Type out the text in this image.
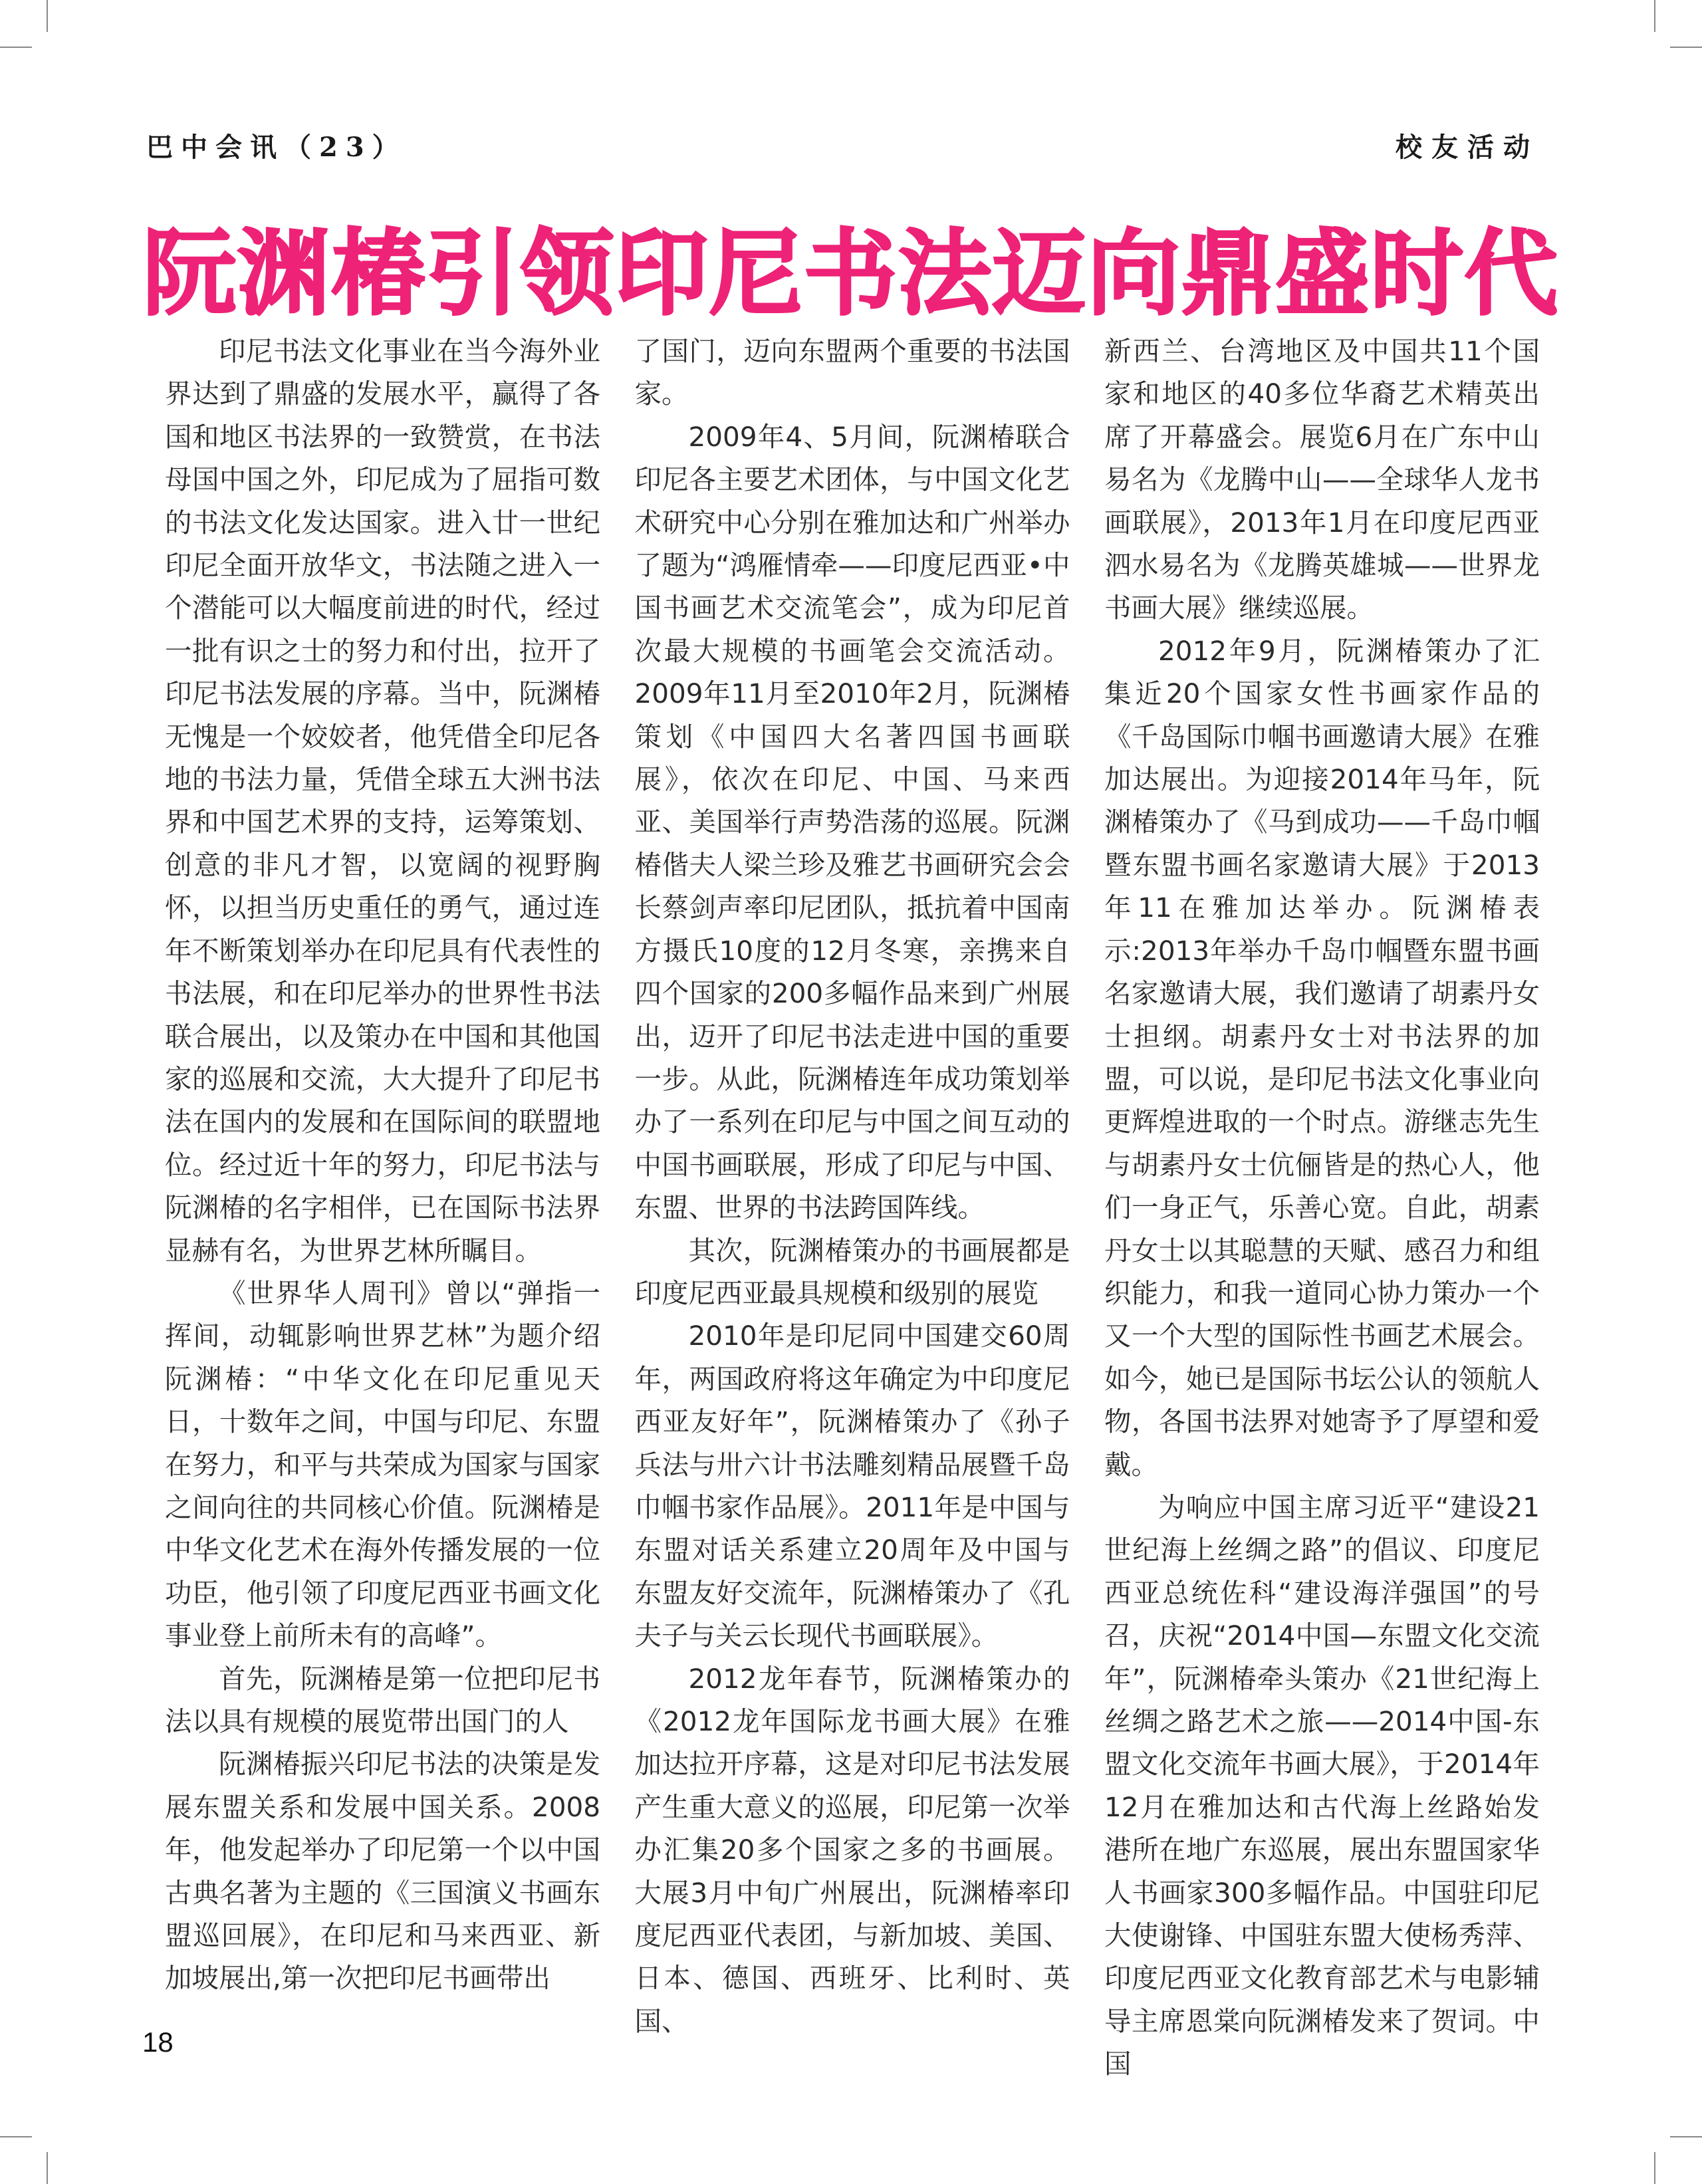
巴中会讯（23）	校友活动
阮渊椿引领印尼书法迈向鼎盛时代

印尼书法文化事业在当今海外业界达到了鼎盛的发展水平，赢得了各国和地区书法界的一致赞赏，在书法母国中国之外，印尼成为了屈指可数的书法文化发达国家。进入廿一世纪印尼全面开放华文，书法随之进入一个潜能可以大幅度前进的时代，经过一批有识之士的努力和付出，拉开了印尼书法发展的序幕。当中，阮渊椿无愧是一个姣姣者，他凭借全印尼各地的书法力量，凭借全球五大洲书法界和中国艺术界的支持，运筹策划、创意的非凡才智，以宽阔的视野胸怀，以担当历史重任的勇气，通过连年不断策划举办在印尼具有代表性的书法展，和在印尼举办的世界性书法联合展出，以及策办在中国和其他国家的巡展和交流，大大提升了印尼书法在国内的发展和在国际间的联盟地位。经过近十年的努力，印尼书法与阮渊椿的名字相伴，已在国际书法界显赫有名，为世界艺林所瞩目。

《世界华人周刊》曾以“弹指一挥间，动辄影响世界艺林”为题介绍阮渊椿：“中华文化在印尼重见天日，十数年之间，中国与印尼、东盟在努力，和平与共荣成为国家与国家之间向往的共同核心价值。阮渊椿是中华文化艺术在海外传播发展的一位功臣，他引领了印度尼西亚书画文化事业登上前所未有的高峰”。

首先，阮渊椿是第一位把印尼书法以具有规模的展览带出国门的人

阮渊椿振兴印尼书法的决策是发展东盟关系和发展中国关系。2008年，他发起举办了印尼第一个以中国古典名著为主题的《三国演义书画东盟巡回展》，在印尼和马来西亚、新加坡展出,第一次把印尼书画带出

了国门，迈向东盟两个重要的书法国家。

2009年4、5月间，阮渊椿联合印尼各主要艺术团体，与中国文化艺术研究中心分别在雅加达和广州举办了题为“鸿雁情牵——印度尼西亚•中国书画艺术交流笔会”，成为印尼首次最大规模的书画笔会交流活动。2009年11月至2010年2月，阮渊椿策划《中国四大名著四国书画联展》，依次在印尼、中国、马来西亚、美国举行声势浩荡的巡展。阮渊椿偕夫人梁兰珍及雅艺书画研究会会长蔡剑声率印尼团队，抵抗着中国南方摄氏10度的12月冬寒，亲携来自四个国家的200多幅作品来到广州展出，迈开了印尼书法走进中国的重要一步。从此，阮渊椿连年成功策划举办了一系列在印尼与中国之间互动的中国书画联展，形成了印尼与中国、东盟、世界的书法跨国阵线。

其次，阮渊椿策办的书画展都是印度尼西亚最具规模和级别的展览

2010年是印尼同中国建交60周年，两国政府将这年确定为中印度尼西亚友好年”，阮渊椿策办了《孙子兵法与卅六计书法雕刻精品展暨千岛巾帼书家作品展》。2011年是中国与东盟对话关系建立20周年及中国与东盟友好交流年，阮渊椿策办了《孔夫子与关云长现代书画联展》。

2012龙年春节，阮渊椿策办的《2012龙年国际龙书画大展》在雅加达拉开序幕，这是对印尼书法发展产生重大意义的巡展，印尼第一次举办汇集20多个国家之多的书画展。大展3月中旬广州展出，阮渊椿率印度尼西亚代表团，与新加坡、美国、日本、德国、西班牙、比利时、英国、

新西兰、台湾地区及中国共11个国家和地区的40多位华裔艺术精英出席了开幕盛会。展览6月在广东中山易名为《龙腾中山——全球华人龙书画联展》，2013年1月在印度尼西亚泗水易名为《龙腾英雄城——世界龙书画大展》继续巡展。

2012年9月，阮渊椿策办了汇集近20个国家女性书画家作品的《千岛国际巾帼书画邀请大展》在雅加达展出。为迎接2014年马年，阮渊椿策办了《马到成功——千岛巾帼暨东盟书画名家邀请大展》于2013年11在雅加达举办。阮渊椿表示:2013年举办千岛巾帼暨东盟书画名家邀请大展，我们邀请了胡素丹女士担纲。胡素丹女士对书法界的加盟，可以说，是印尼书法文化事业向更辉煌进取的一个时点。游继志先生与胡素丹女士伉俪皆是的热心人，他们一身正气，乐善心宽。自此，胡素丹女士以其聪慧的天赋、感召力和组织能力，和我一道同心协力策办一个又一个大型的国际性书画艺术展会。如今，她已是国际书坛公认的领航人物，各国书法界对她寄予了厚望和爱戴。

为响应中国主席习近平“建设21世纪海上丝绸之路”的倡议、印度尼西亚总统佐科“建设海洋强国”的号召，庆祝“2014中国—东盟文化交流年”，阮渊椿牵头策办《21世纪海上丝绸之路艺术之旅——2014中国-东盟文化交流年书画大展》，于2014年12月在雅加达和古代海上丝路始发港所在地广东巡展，展出东盟国家华人书画家300多幅作品。中国驻印尼大使谢锋、中国驻东盟大使杨秀萍、印度尼西亚文化教育部艺术与电影辅导主席恩棠向阮渊椿发来了贺词。中国

18
